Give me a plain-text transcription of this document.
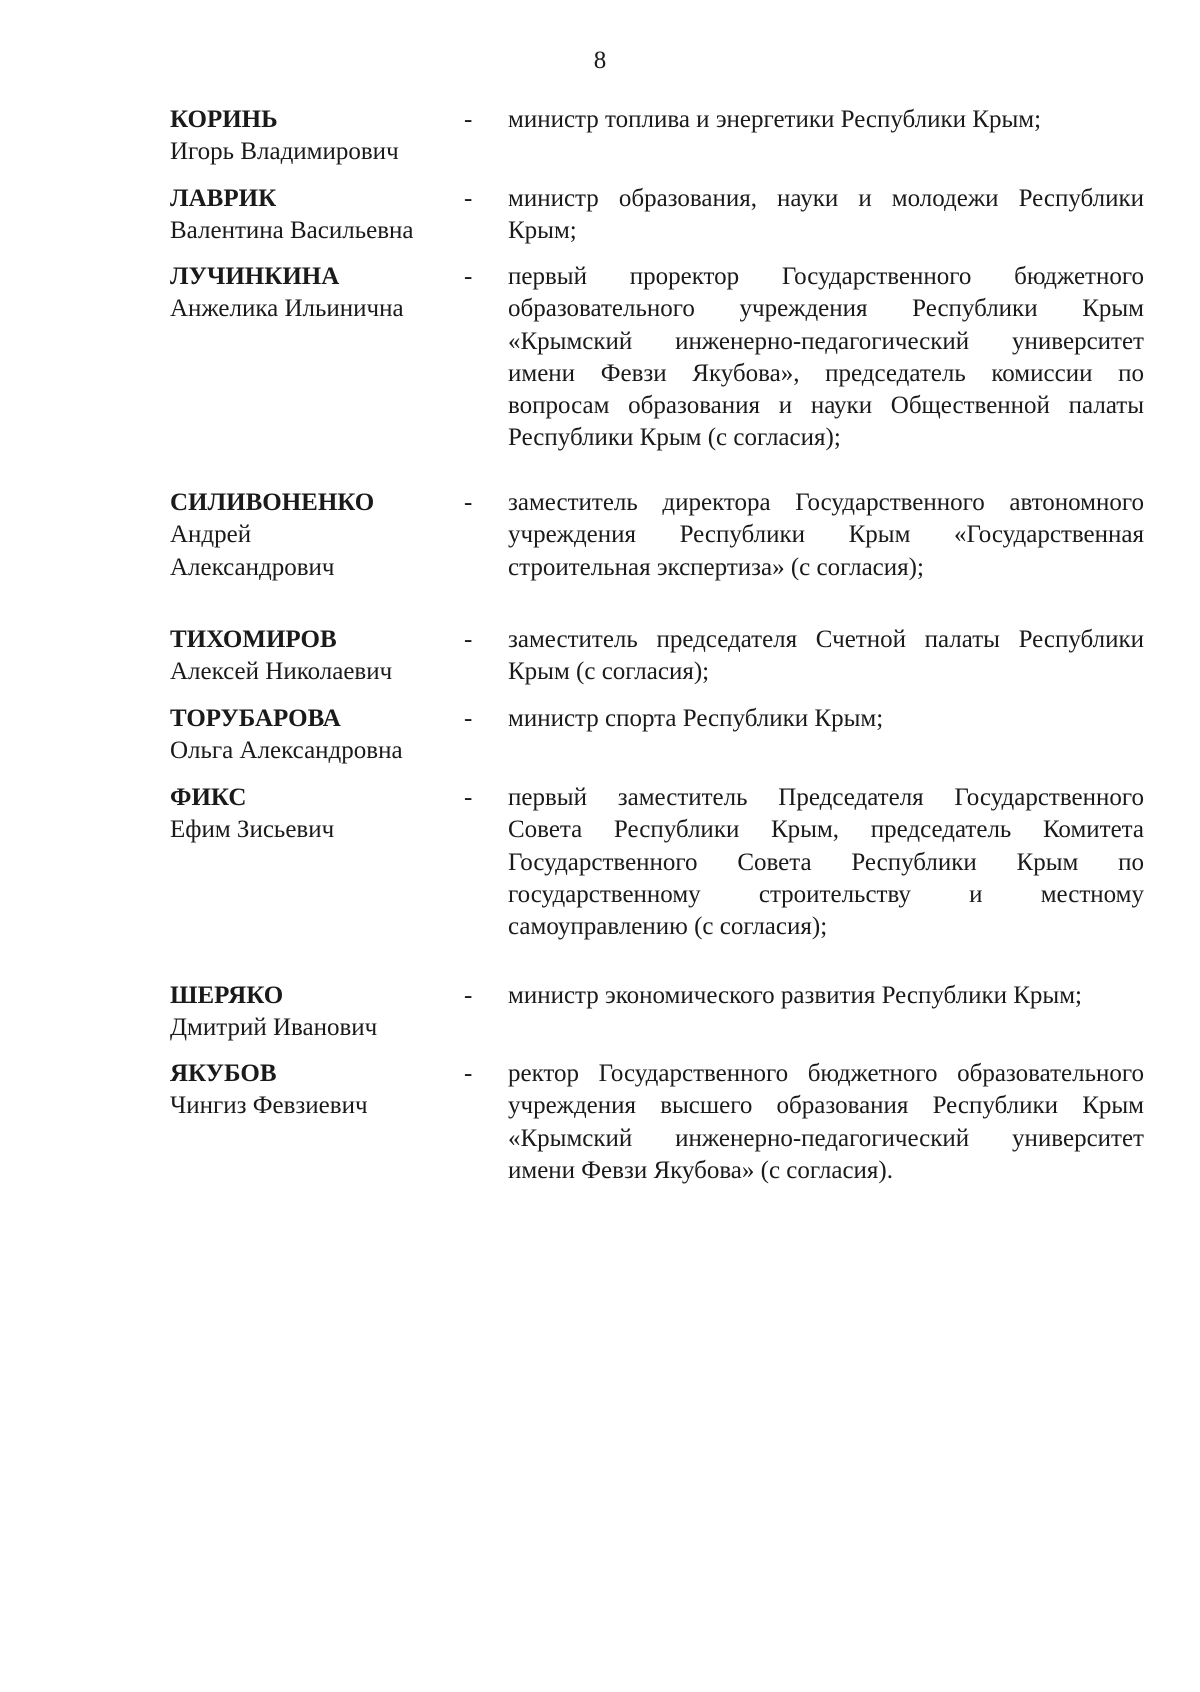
8
КОРИНЬ
Игорь Владимирович
- министр топлива и энергетики Республики Крым;
ЛАВРИК
Валентина Васильевна
- министр образования, науки и молодежи Республики Крым;
ЛУЧИНКИНА
Анжелика Ильинична
- первый проректор Государственного бюджетного образовательного учреждения Республики Крым «Крымский инженерно-педагогический университет имени Февзи Якубова», председатель комиссии по вопросам образования и науки Общественной палаты Республики Крым (с согласия);
СИЛИВОНЕНКО
Андрей
Александрович
- заместитель директора Государственного автономного учреждения Республики Крым «Государственная строительная экспертиза» (с согласия);
ТИХОМИРОВ
Алексей Николаевич
- заместитель председателя Счетной палаты Республики Крым (с согласия);
ТОРУБАРОВА
Ольга Александровна
- министр спорта Республики Крым;
ФИКС
Ефим Зисьевич
- первый заместитель Председателя Государственного Совета Республики Крым, председатель Комитета Государственного Совета Республики Крым по государственному строительству и местному самоуправлению (с согласия);
ШЕРЯКО
Дмитрий Иванович
- министр экономического развития Республики Крым;
ЯКУБОВ
Чингиз Февзиевич
- ректор Государственного бюджетного образовательного учреждения высшего образования Республики Крым «Крымский инженерно-педагогический университет имени Февзи Якубова» (с согласия).
